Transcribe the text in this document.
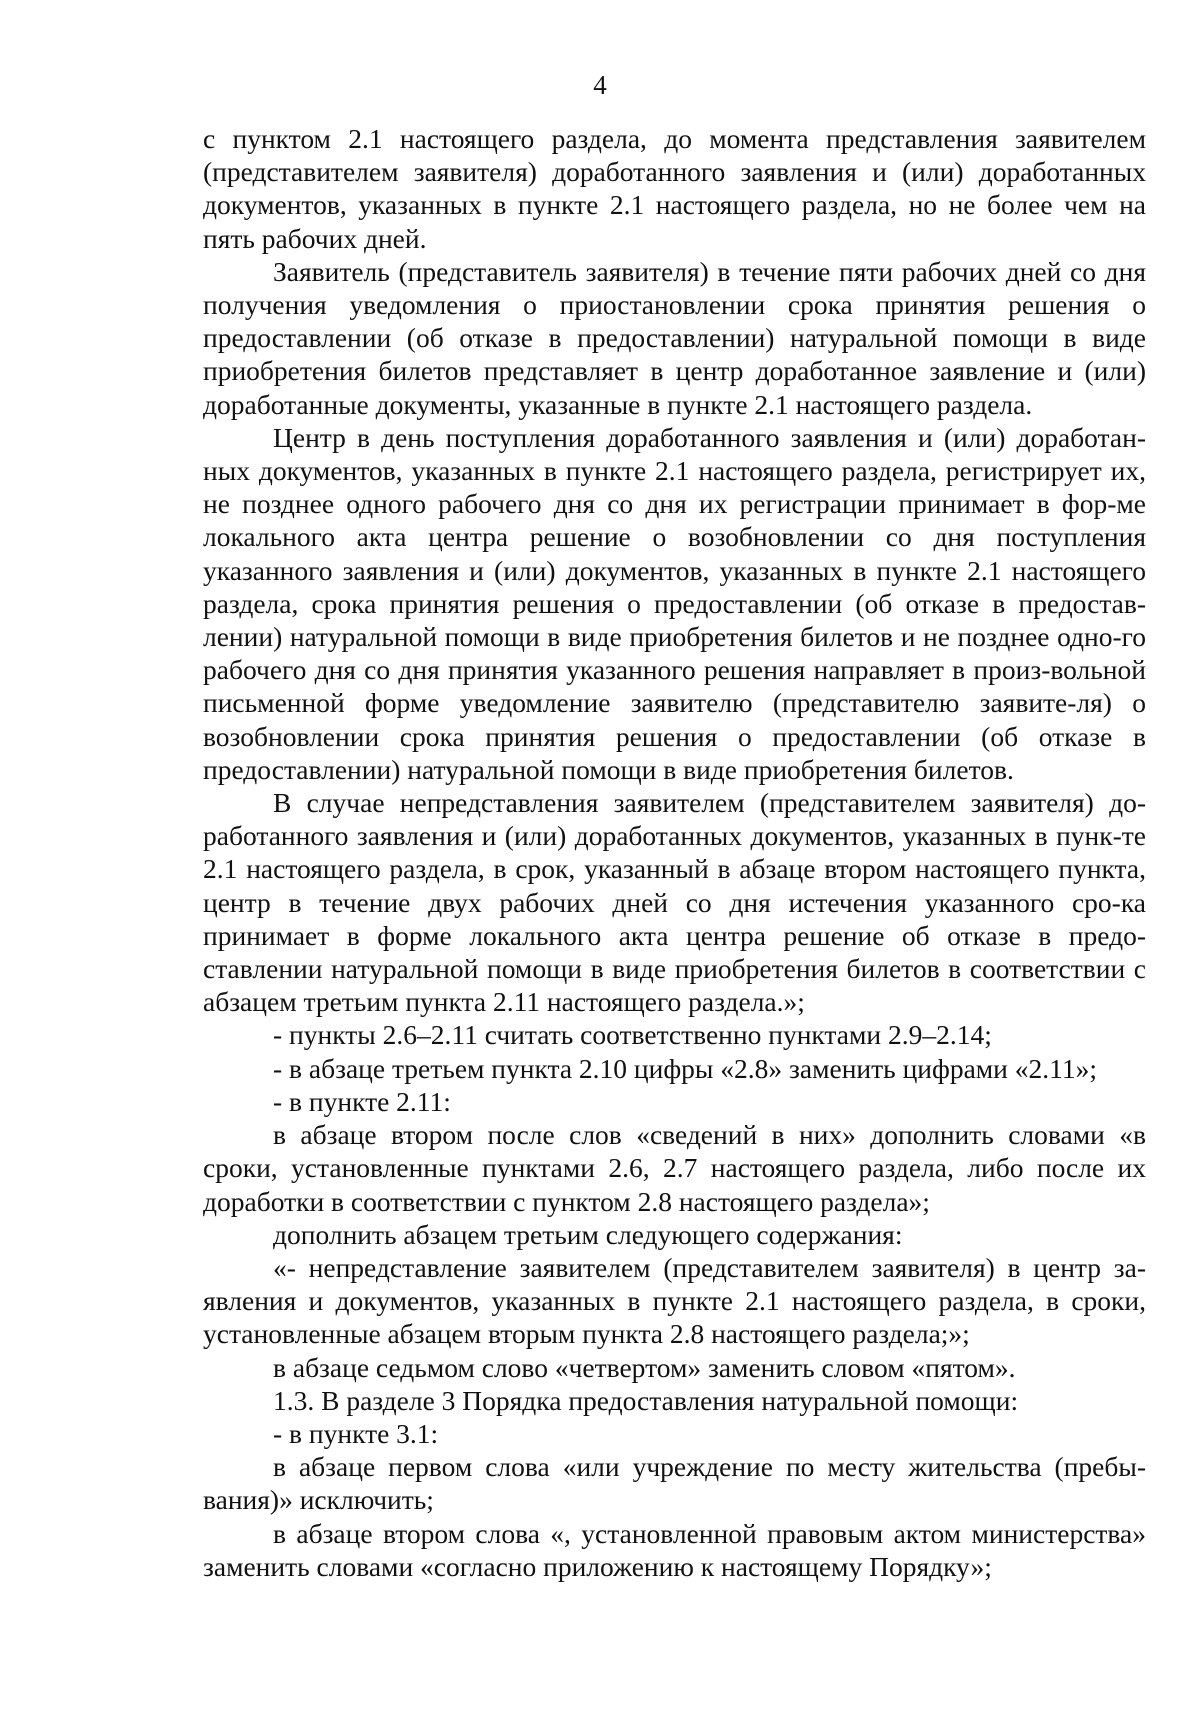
4

с пунктом 2.1 настоящего раздела, до момента представления заявителем (представителем заявителя) доработанного заявления и (или) доработанных документов, указанных в пункте 2.1 настоящего раздела, но не более чем на пять рабочих дней.

Заявитель (представитель заявителя) в течение пяти рабочих дней со дня получения уведомления о приостановлении срока принятия решения о предоставлении (об отказе в предоставлении) натуральной помощи в виде приобретения билетов представляет в центр доработанное заявление и (или) доработанные документы, указанные в пункте 2.1 настоящего раздела.

Центр в день поступления доработанного заявления и (или) доработан-ных документов, указанных в пункте 2.1 настоящего раздела, регистрирует их, не позднее одного рабочего дня со дня их регистрации принимает в фор-ме локального акта центра решение о возобновлении со дня поступления указанного заявления и (или) документов, указанных в пункте 2.1 настоящего раздела, срока принятия решения о предоставлении (об отказе в предостав-лении) натуральной помощи в виде приобретения билетов и не позднее одно-го рабочего дня со дня принятия указанного решения направляет в произ-вольной письменной форме уведомление заявителю (представителю заявите-ля) о возобновлении срока принятия решения о предоставлении (об отказе в предоставлении) натуральной помощи в виде приобретения билетов.

В случае непредставления заявителем (представителем заявителя) до-работанного заявления и (или) доработанных документов, указанных в пунк-те 2.1 настоящего раздела, в срок, указанный в абзаце втором настоящего пункта, центр в течение двух рабочих дней со дня истечения указанного сро-ка принимает в форме локального акта центра решение об отказе в предо-ставлении натуральной помощи в виде приобретения билетов в соответствии с абзацем третьим пункта 2.11 настоящего раздела.»;

- пункты 2.6–2.11 считать соответственно пунктами 2.9–2.14;

- в абзаце третьем пункта 2.10 цифры «2.8» заменить цифрами «2.11»;

- в пункте 2.11:

в абзаце втором после слов «сведений в них» дополнить словами «в сроки, установленные пунктами 2.6, 2.7 настоящего раздела, либо после их доработки в соответствии с пунктом 2.8 настоящего раздела»;

дополнить абзацем третьим следующего содержания:

«- непредставление заявителем (представителем заявителя) в центр за-явления и документов, указанных в пункте 2.1 настоящего раздела, в сроки, установленные абзацем вторым пункта 2.8 настоящего раздела;»;

в абзаце седьмом слово «четвертом» заменить словом «пятом».

1.3. В разделе 3 Порядка предоставления натуральной помощи:

- в пункте 3.1:

в абзаце первом слова «или учреждение по месту жительства (пребы-вания)» исключить;

в абзаце втором слова «, установленной правовым актом министерства» заменить словами «согласно приложению к настоящему Порядку»;
